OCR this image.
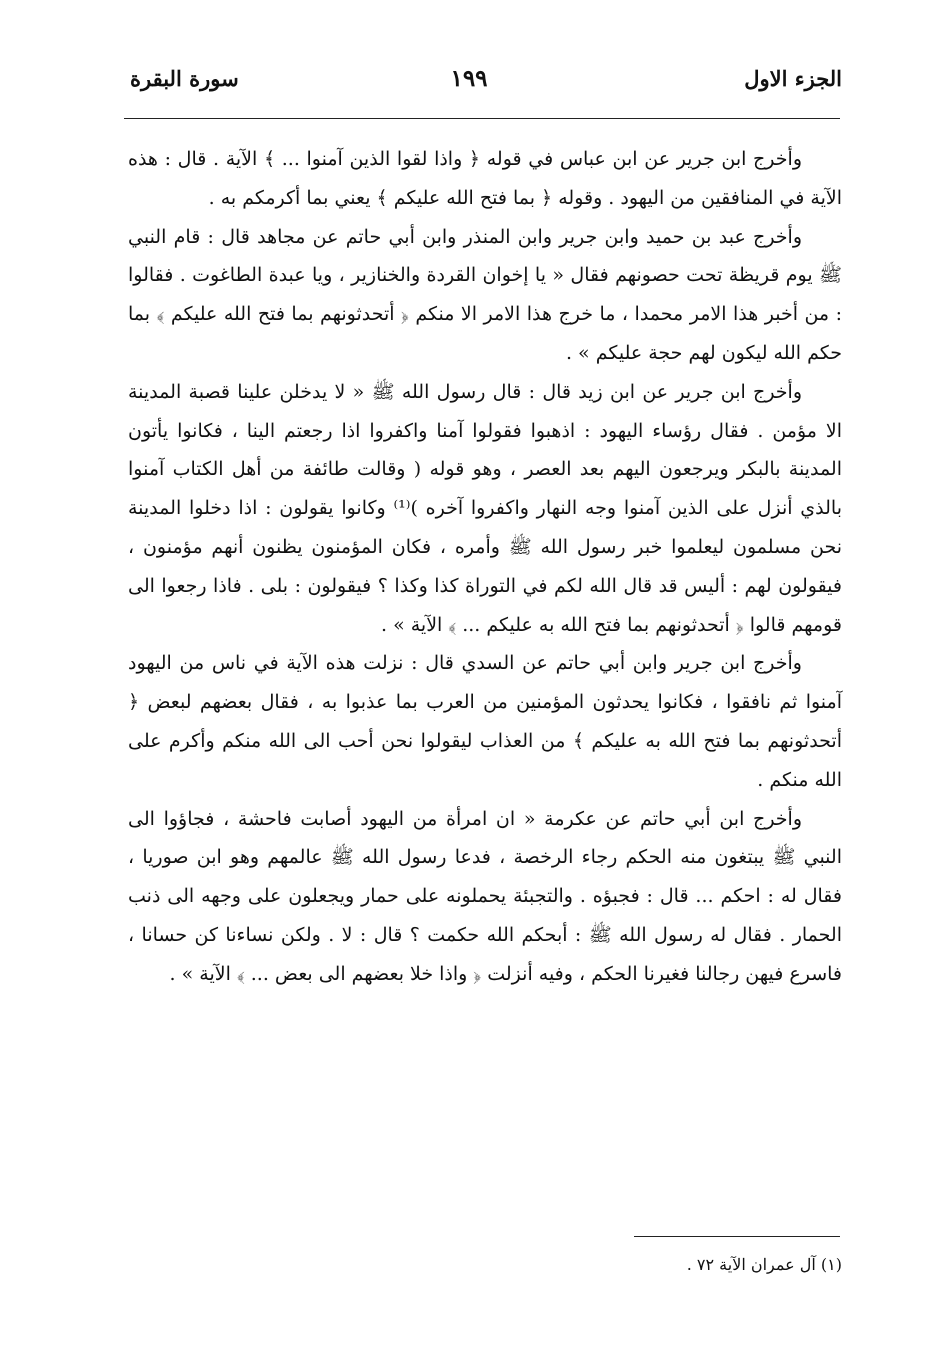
الجزء الاول
١٩٩
سورة البقرة

وأخرج ابن جرير عن ابن عباس في قوله ﴿ واذا لقوا الذين آمنوا ... ﴾ الآية . قال : هذه الآية في المنافقين من اليهود . وقوله ﴿ بما فتح الله عليكم ﴾ يعني بما أكرمكم به .

وأخرج عبد بن حميد وابن جرير وابن المنذر وابن أبي حاتم عن مجاهد قال : قام النبي ﷺ يوم قريظة تحت حصونهم فقال « يا إخوان القردة والخنازير ، ويا عبدة الطاغوت . فقالوا : من أخبر هذا الامر محمدا ، ما خرج هذا الامر الا منكم ﴿ أتحدثونهم بما فتح الله عليكم ﴾ بما حكم الله ليكون لهم حجة عليكم » .

وأخرج ابن جرير عن ابن زيد قال : قال رسول الله ﷺ « لا يدخلن علينا قصبة المدينة الا مؤمن . فقال رؤساء اليهود : اذهبوا فقولوا آمنا واكفروا اذا رجعتم الينا ، فكانوا يأتون المدينة بالبكر ويرجعون اليهم بعد العصر ، وهو قوله ( وقالت طائفة من أهل الكتاب آمنوا بالذي أنزل على الذين آمنوا وجه النهار واكفروا آخره )⁽¹⁾ وكانوا يقولون : اذا دخلوا المدينة نحن مسلمون ليعلموا خبر رسول الله ﷺ وأمره ، فكان المؤمنون يظنون أنهم مؤمنون ، فيقولون لهم : أليس قد قال الله لكم في التوراة كذا وكذا ؟ فيقولون : بلى . فاذا رجعوا الى قومهم قالوا ﴿ أتحدثونهم بما فتح الله به عليكم ... ﴾ الآية » .

وأخرج ابن جرير وابن أبي حاتم عن السدي قال : نزلت هذه الآية في ناس من اليهود آمنوا ثم نافقوا ، فكانوا يحدثون المؤمنين من العرب بما عذبوا به ، فقال بعضهم لبعض ﴿ أتحدثونهم بما فتح الله به عليكم ﴾ من العذاب ليقولوا نحن أحب الى الله منكم وأكرم على الله منكم .

وأخرج ابن أبي حاتم عن عكرمة « ان امرأة من اليهود أصابت فاحشة ، فجاؤوا الى النبي ﷺ يبتغون منه الحكم رجاء الرخصة ، فدعا رسول الله ﷺ عالمهم وهو ابن صوريا ، فقال له : احكم ... قال : فجبؤه . والتجبئة يحملونه على حمار ويجعلون على وجهه الى ذنب الحمار . فقال له رسول الله ﷺ : أبحكم الله حكمت ؟ قال : لا . ولكن نساءنا كن حسانا ، فاسرع فيهن رجالنا فغيرنا الحكم ، وفيه أنزلت ﴿ واذا خلا بعضهم الى بعض ... ﴾ الآية » .

(١) آل عمران الآية ٧٢ .
